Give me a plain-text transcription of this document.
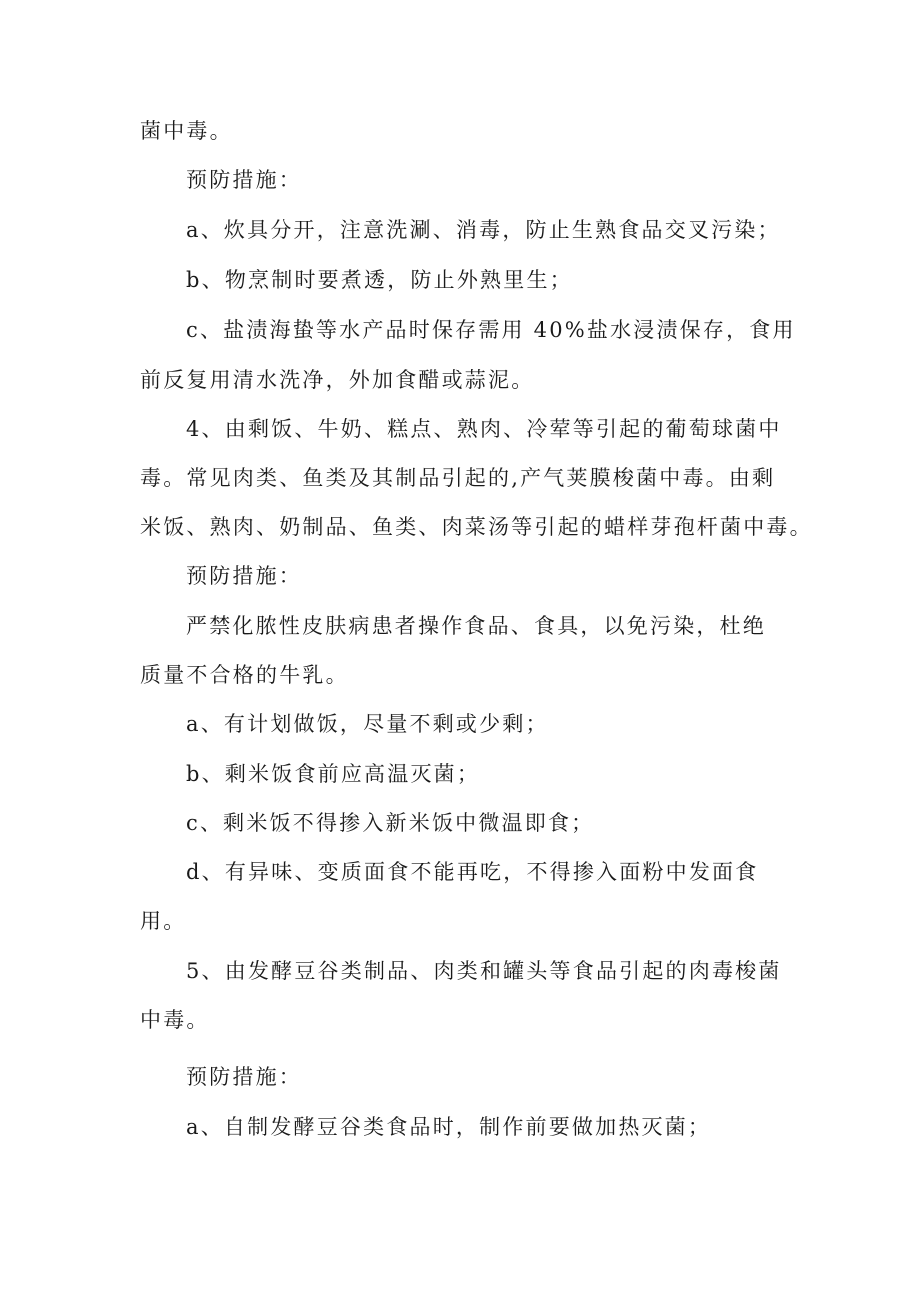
菌中毒。
预防措施：
a、炊具分开，注意洗涮、消毒，防止生熟食品交叉污染；
b、物烹制时要煮透，防止外熟里生；
c、盐渍海蛰等水产品时保存需用 40%盐水浸渍保存，食用
前反复用清水洗净，外加食醋或蒜泥。
4、由剩饭、牛奶、糕点、熟肉、冷荤等引起的葡萄球菌中
毒。常见肉类、鱼类及其制品引起的,产气荚膜梭菌中毒。由剩
米饭、熟肉、奶制品、鱼类、肉菜汤等引起的蜡样芽孢杆菌中毒。
预防措施：
严禁化脓性皮肤病患者操作食品、食具，以免污染，杜绝
质量不合格的牛乳。
a、有计划做饭，尽量不剩或少剩；
b、剩米饭食前应高温灭菌；
c、剩米饭不得掺入新米饭中微温即食；
d、有异味、变质面食不能再吃，不得掺入面粉中发面食
用。
5、由发酵豆谷类制品、肉类和罐头等食品引起的肉毒梭菌
中毒。
预防措施：
a、自制发酵豆谷类食品时，制作前要做加热灭菌；
